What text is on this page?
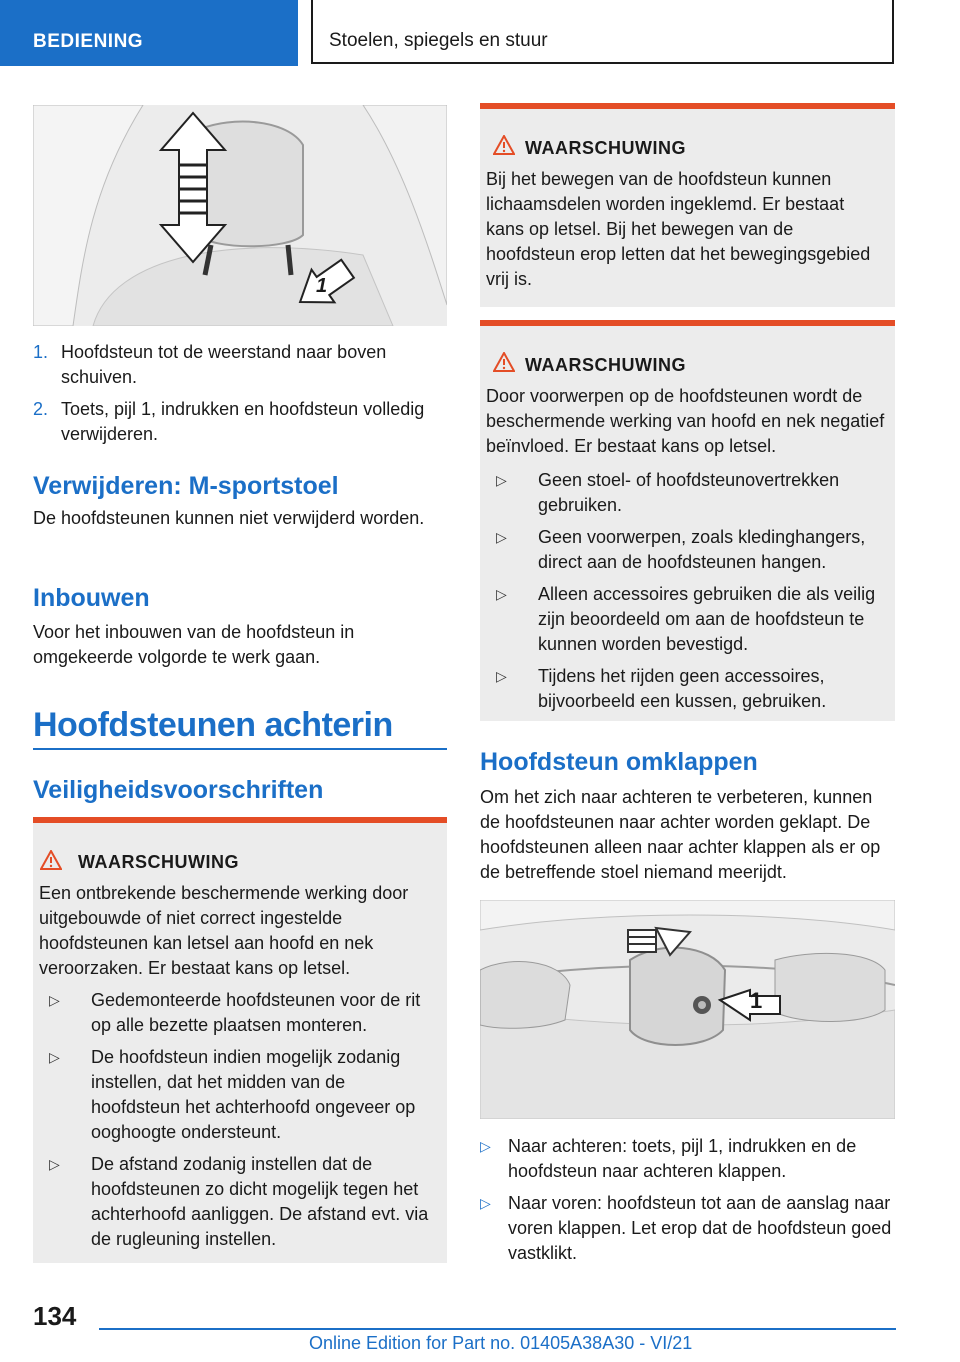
BEDIENING	Stoelen, spiegels en stuur
1
1. Hoofdsteun tot de weerstand naar boven schuiven.
2. Toets, pijl 1, indrukken en hoofdsteun volledig verwijderen.
Verwijderen: M-sportstoel
De hoofdsteunen kunnen niet verwijderd worden.
Inbouwen
Voor het inbouwen van de hoofdsteun in omgekeerde volgorde te werk gaan.
Hoofdsteunen achterin
Veiligheidsvoorschriften
WAARSCHUWING
Een ontbrekende beschermende werking door uitgebouwde of niet correct ingestelde hoofdsteunen kan letsel aan hoofd en nek veroorzaken. Er bestaat kans op letsel.
▷ Gedemonteerde hoofdsteunen voor de rit op alle bezette plaatsen monteren.
▷ De hoofdsteun indien mogelijk zodanig instellen, dat het midden van de hoofdsteun het achterhoofd ongeveer op ooghoogte ondersteunt.
▷ De afstand zodanig instellen dat de hoofdsteunen zo dicht mogelijk tegen het achterhoofd aanliggen. De afstand evt. via de rugleuning instellen.
WAARSCHUWING
Bij het bewegen van de hoofdsteun kunnen lichaamsdelen worden ingeklemd. Er bestaat kans op letsel. Bij het bewegen van de hoofdsteun erop letten dat het bewegingsgebied vrij is.
WAARSCHUWING
Door voorwerpen op de hoofdsteunen wordt de beschermende werking van hoofd en nek negatief beïnvloed. Er bestaat kans op letsel.
▷ Geen stoel- of hoofdsteunovertrekken gebruiken.
▷ Geen voorwerpen, zoals kledinghangers, direct aan de hoofdsteunen hangen.
▷ Alleen accessoires gebruiken die als veilig zijn beoordeeld om aan de hoofdsteun te kunnen worden bevestigd.
▷ Tijdens het rijden geen accessoires, bijvoorbeeld een kussen, gebruiken.
Hoofdsteun omklappen
Om het zich naar achteren te verbeteren, kunnen de hoofdsteunen naar achter worden geklapt. De hoofdsteunen alleen naar achter klappen als er op de betreffende stoel niemand meerijdt.
1
▷ Naar achteren: toets, pijl 1, indrukken en de hoofdsteun naar achteren klappen.
▷ Naar voren: hoofdsteun tot aan de aanslag naar voren klappen. Let erop dat de hoofdsteun goed vastklikt.
134
Online Edition for Part no. 01405A38A30 - VI/21
